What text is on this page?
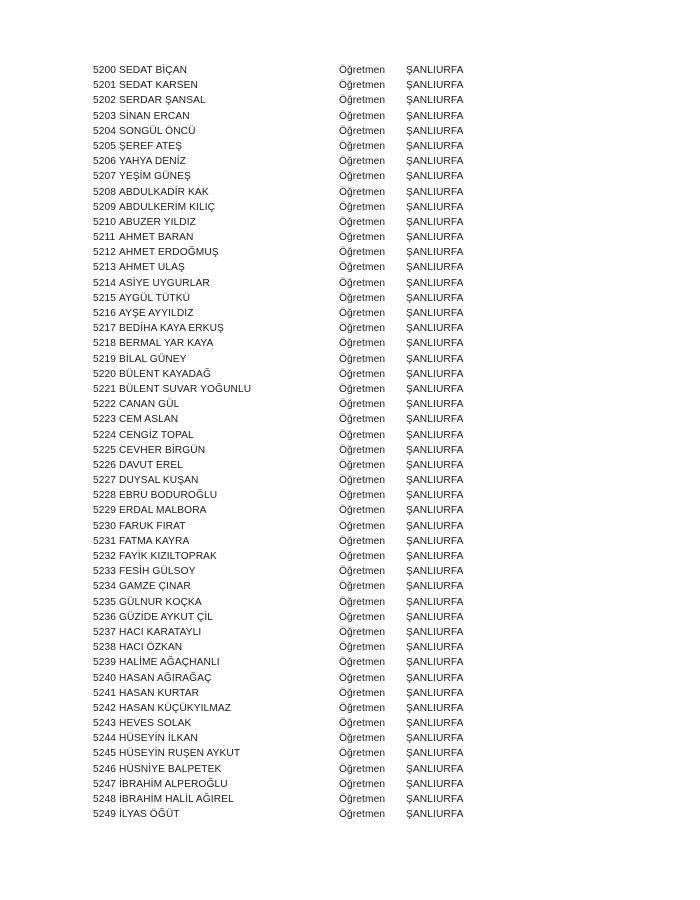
5200 SEDAT BİÇAN	Öğretmen	ŞANLIURFA
5201 SEDAT KARSEN	Öğretmen	ŞANLIURFA
5202 SERDAR ŞANSAL	Öğretmen	ŞANLIURFA
5203 SİNAN ERCAN	Öğretmen	ŞANLIURFA
5204 SONGÜL ÖNCÜ	Öğretmen	ŞANLIURFA
5205 ŞEREF ATEŞ	Öğretmen	ŞANLIURFA
5206 YAHYA DENİZ	Öğretmen	ŞANLIURFA
5207 YEŞİM GÜNEŞ	Öğretmen	ŞANLIURFA
5208 ABDULKADİR KAK	Öğretmen	ŞANLIURFA
5209 ABDULKERİM KILIÇ	Öğretmen	ŞANLIURFA
5210 ABUZER YILDIZ	Öğretmen	ŞANLIURFA
5211 AHMET BARAN	Öğretmen	ŞANLIURFA
5212 AHMET ERDOĞMUŞ	Öğretmen	ŞANLIURFA
5213 AHMET ULAŞ	Öğretmen	ŞANLIURFA
5214 ASİYE UYGURLAR	Öğretmen	ŞANLIURFA
5215 AYGÜL TÜTKÜ	Öğretmen	ŞANLIURFA
5216 AYŞE AYYILDIZ	Öğretmen	ŞANLIURFA
5217 BEDİHA KAYA ERKUŞ	Öğretmen	ŞANLIURFA
5218 BERMAL YAR KAYA	Öğretmen	ŞANLIURFA
5219 BİLAL GÜNEY	Öğretmen	ŞANLIURFA
5220 BÜLENT KAYADAĞ	Öğretmen	ŞANLIURFA
5221 BÜLENT SUVAR YOĞUNLU	Öğretmen	ŞANLIURFA
5222 CANAN GÜL	Öğretmen	ŞANLIURFA
5223 CEM ASLAN	Öğretmen	ŞANLIURFA
5224 CENGİZ TOPAL	Öğretmen	ŞANLIURFA
5225 CEVHER BİRGÜN	Öğretmen	ŞANLIURFA
5226 DAVUT EREL	Öğretmen	ŞANLIURFA
5227 DUYSAL KUŞAN	Öğretmen	ŞANLIURFA
5228 EBRU BODUROĞLU	Öğretmen	ŞANLIURFA
5229 ERDAL MALBORA	Öğretmen	ŞANLIURFA
5230 FARUK FIRAT	Öğretmen	ŞANLIURFA
5231 FATMA KAYRA	Öğretmen	ŞANLIURFA
5232 FAYİK KIZILTOPRAK	Öğretmen	ŞANLIURFA
5233 FESİH GÜLSOY	Öğretmen	ŞANLIURFA
5234 GAMZE ÇINAR	Öğretmen	ŞANLIURFA
5235 GÜLNUR KOÇKA	Öğretmen	ŞANLIURFA
5236 GÜZİDE AYKUT ÇİL	Öğretmen	ŞANLIURFA
5237 HACI KARATAYLI	Öğretmen	ŞANLIURFA
5238 HACI ÖZKAN	Öğretmen	ŞANLIURFA
5239 HALİME AĞAÇHANLI	Öğretmen	ŞANLIURFA
5240 HASAN AĞIRAĞAÇ	Öğretmen	ŞANLIURFA
5241 HASAN KURTAR	Öğretmen	ŞANLIURFA
5242 HASAN KÜÇÜKYILMAZ	Öğretmen	ŞANLIURFA
5243 HEVES SOLAK	Öğretmen	ŞANLIURFA
5244 HÜSEYİN İLKAN	Öğretmen	ŞANLIURFA
5245 HÜSEYİN RUŞEN AYKUT	Öğretmen	ŞANLIURFA
5246 HÜSNİYE BALPETEK	Öğretmen	ŞANLIURFA
5247 İBRAHİM ALPEROĞLU	Öğretmen	ŞANLIURFA
5248 İBRAHİM HALİL AĞIREL	Öğretmen	ŞANLIURFA
5249 İLYAS ÖĞÜT	Öğretmen	ŞANLIURFA
